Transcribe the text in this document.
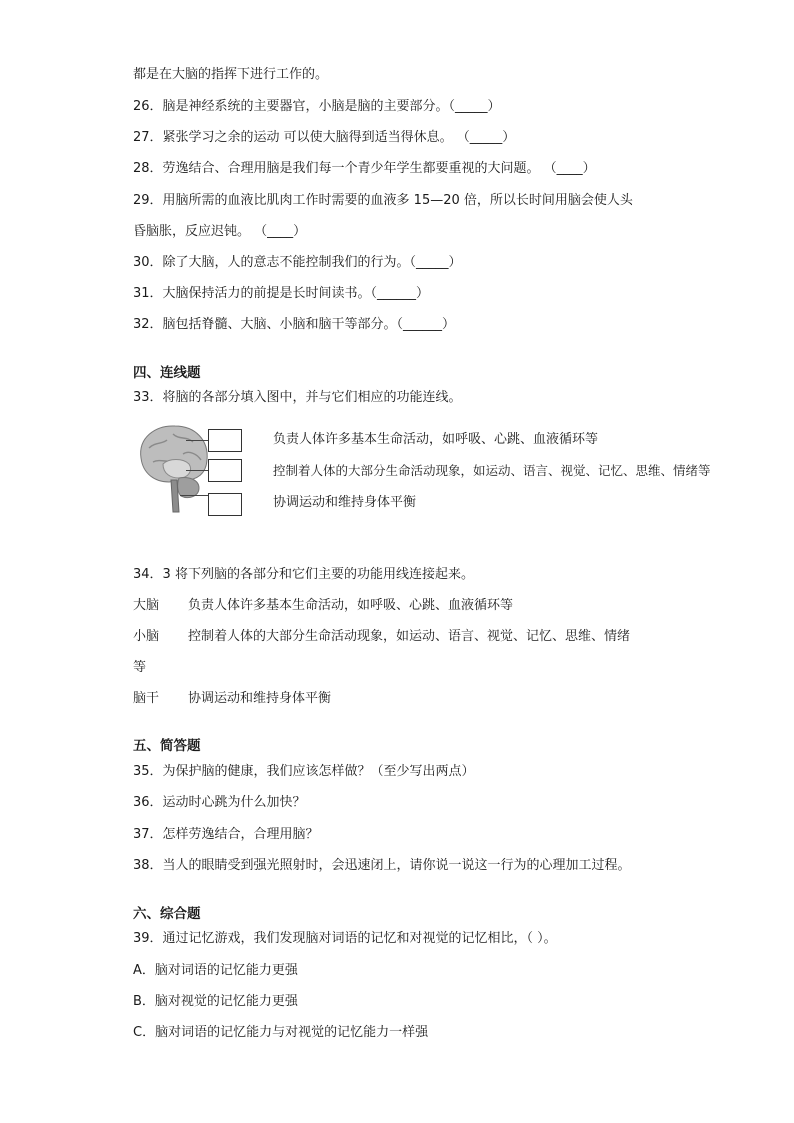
都是在大脑的指挥下进行工作的。
26．脑是神经系统的主要器官，小脑是脑的主要部分。（_____）
27．紧张学习之余的运动 可以使大脑得到适当得休息。 （_____）
28．劳逸结合、合理用脑是我们每一个青少年学生都要重视的大问题。 （____）
29．用脑所需的血液比肌肉工作时需要的血液多 15—20 倍，所以长时间用脑会使人头
昏脑胀，反应迟钝。 （____）
30．除了大脑，人的意志不能控制我们的行为。（_____）
31．大脑保持活力的前提是长时间读书。（______）
32．脑包括脊髓、大脑、小脑和脑干等部分。（______）
四、连线题
33．将脑的各部分填入图中，并与它们相应的功能连线。
负责人体许多基本生命活动，如呼吸、心跳、血液循环等
控制着人体的大部分生命活动现象，如运动、语言、视觉、记忆、思维、情绪等
协调运动和维持身体平衡
34．3 将下列脑的各部分和它们主要的功能用线连接起来。
大脑 负责人体许多基本生命活动，如呼吸、心跳、血液循环等
小脑 控制着人体的大部分生命活动现象，如运动、语言、视觉、记忆、思维、情绪
等
脑干 协调运动和维持身体平衡
五、简答题
35．为保护脑的健康，我们应该怎样做？（至少写出两点）
36．运动时心跳为什么加快？
37．怎样劳逸结合，合理用脑？
38．当人的眼睛受到强光照射时，会迅速闭上，请你说一说这一行为的心理加工过程。
六、综合题
39．通过记忆游戏，我们发现脑对词语的记忆和对视觉的记忆相比，（ ）。
A．脑对词语的记忆能力更强
B．脑对视觉的记忆能力更强
C．脑对词语的记忆能力与对视觉的记忆能力一样强
